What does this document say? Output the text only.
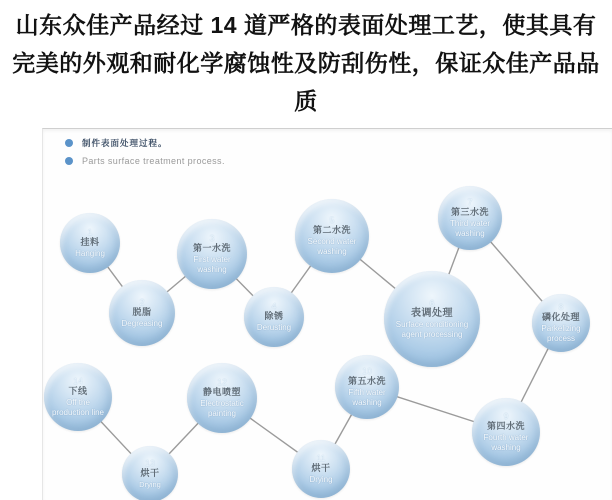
山东众佳产品经过 14 道严格的表面处理工艺，使其具有完美的外观和耐化学腐蚀性及防刮伤性，保证众佳产品品质
制件表面处理过程。
Parts surface treatment process.
1
挂料
Hanging
2
脱脂
Degreasing
3
第一水洗
First water washing
4
除锈
Derusting
5
第二水洗
Second water washing
6
表调处理
Surface conditioning agent processing
7
第三水洗
Third water washing
8
磷化处理
Parkelizing process
9
第四水洗
Fourth water washing
10
第五水洗
Fifth water washing
11
烘干
Drying
12
静电喷塑
Electrostatic painting
13
烘干
Drying
14
下线
Off the production line
